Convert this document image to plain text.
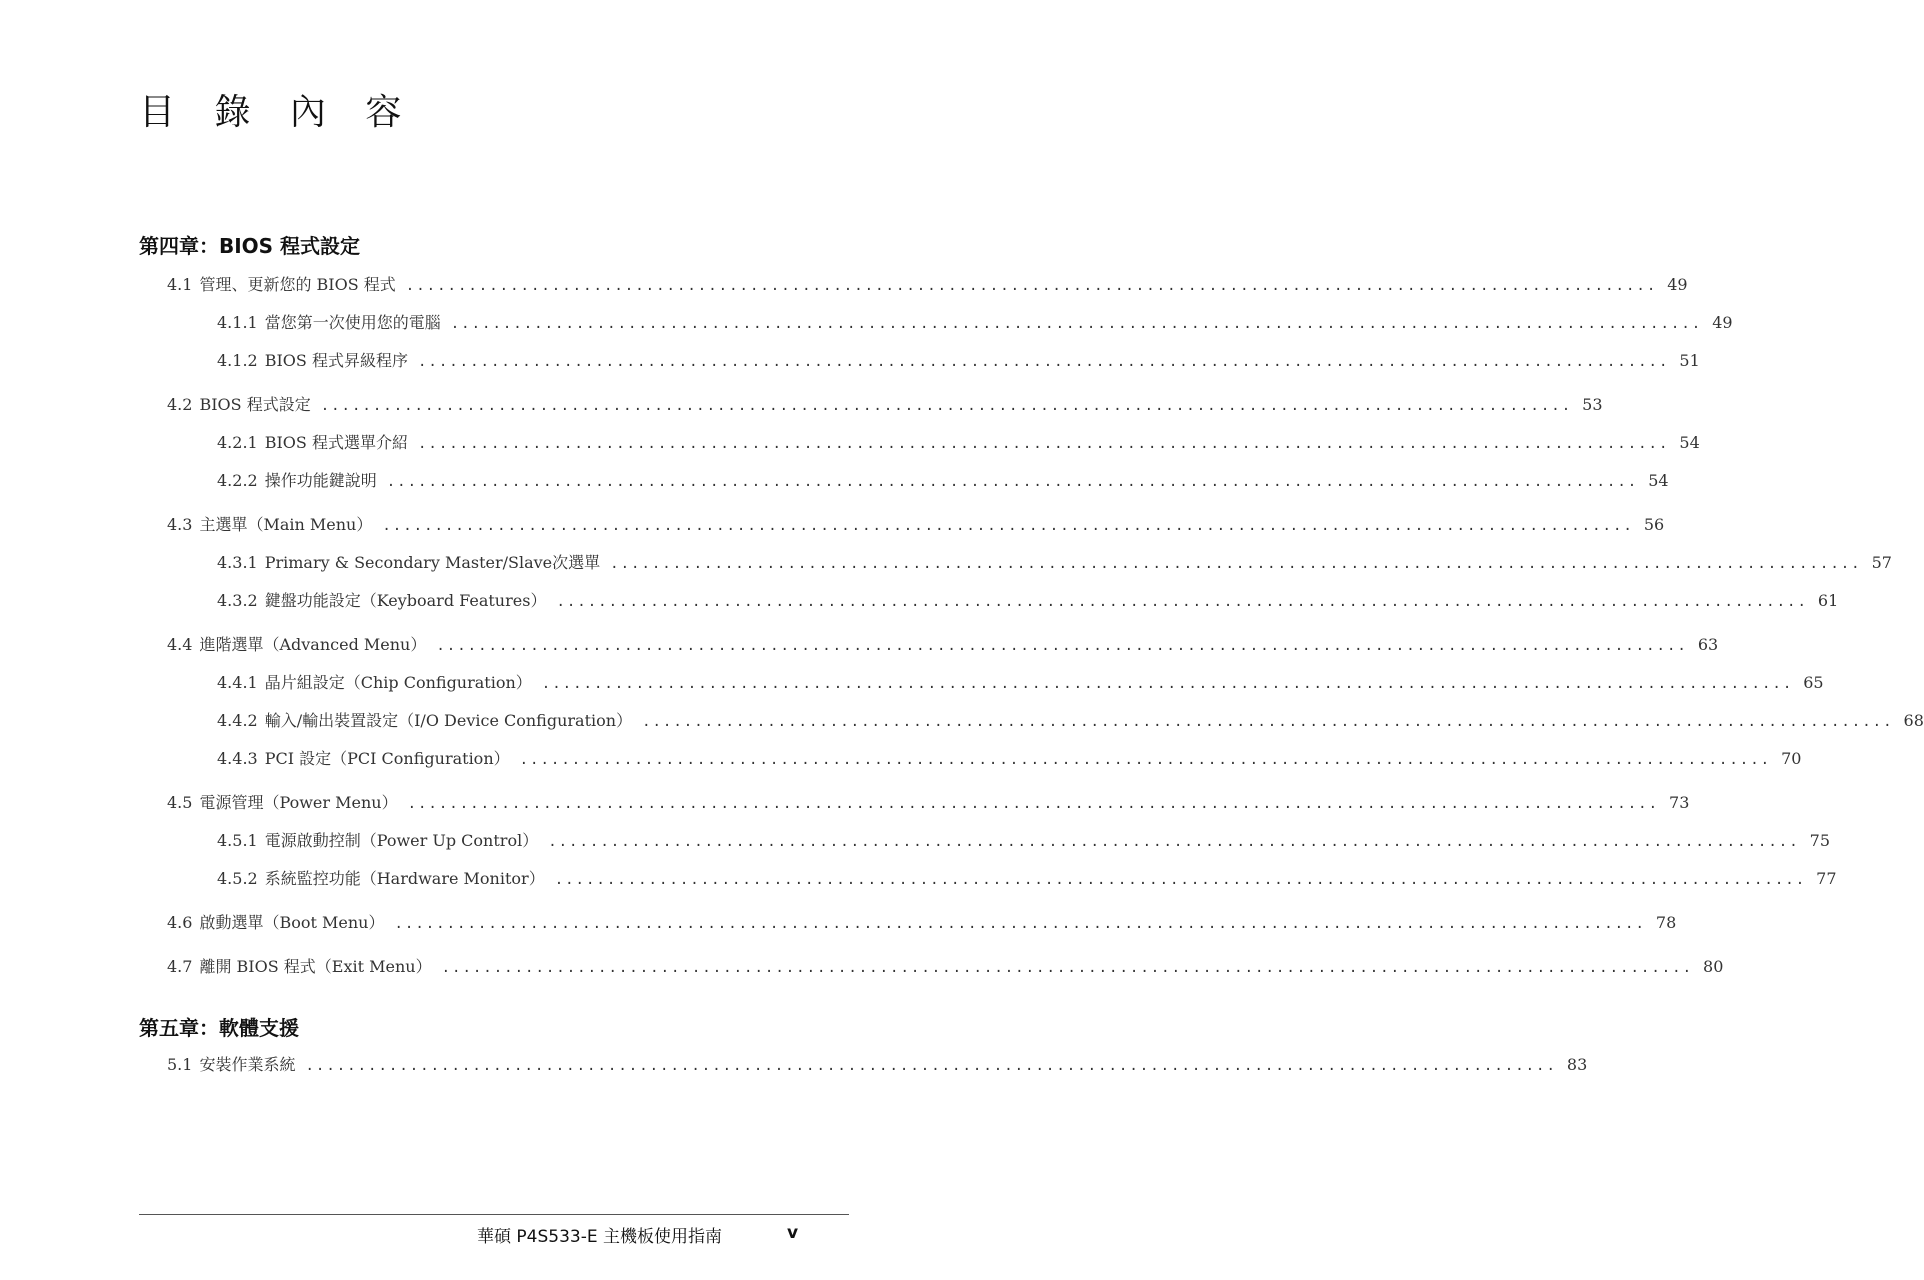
目 錄 內 容
第四章：BIOS 程式設定
4.1 管理、更新您的 BIOS 程式 ........................................................................................................................ 49
4.1.1 當您第一次使用您的電腦 ........................................................................................................................ 49
4.1.2 BIOS 程式昇級程序 ........................................................................................................................ 51
4.2 BIOS 程式設定 ........................................................................................................................ 53
4.2.1 BIOS 程式選單介紹 ........................................................................................................................ 54
4.2.2 操作功能鍵說明 ........................................................................................................................ 54
4.3 主選單（Main Menu） ........................................................................................................................ 56
4.3.1 Primary & Secondary Master/Slave次選單 ........................................................................................................................ 57
4.3.2 鍵盤功能設定（Keyboard Features） ........................................................................................................................ 61
4.4 進階選單（Advanced Menu） ........................................................................................................................ 63
4.4.1 晶片組設定（Chip Configuration） ........................................................................................................................ 65
4.4.2 輸入/輸出裝置設定（I/O Device Configuration） ........................................................................................................................ 68
4.4.3 PCI 設定（PCI Configuration） ........................................................................................................................ 70
4.5 電源管理（Power Menu） ........................................................................................................................ 73
4.5.1 電源啟動控制（Power Up Control） ........................................................................................................................ 75
4.5.2 系統監控功能（Hardware Monitor） ........................................................................................................................ 77
4.6 啟動選單（Boot Menu） ........................................................................................................................ 78
4.7 離開 BIOS 程式（Exit Menu） ........................................................................................................................ 80
第五章：軟體支援
5.1 安裝作業系統 ........................................................................................................................ 83
華碩 P4S533-E 主機板使用指南	v
